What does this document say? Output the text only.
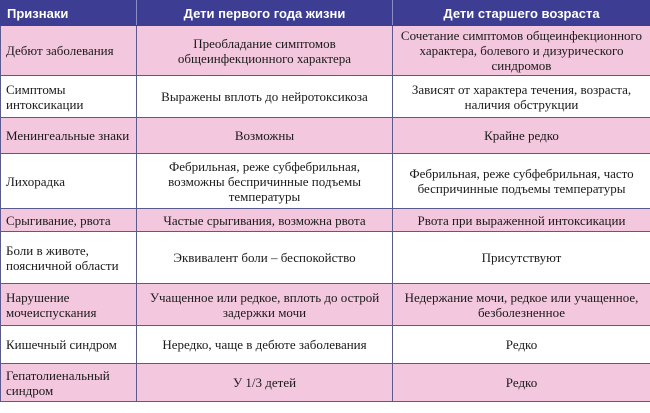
Признаки	Дети первого года жизни	Дети старшего возраста
Дебют заболевания	Преобладание симптомов общеинфекционного характера	Сочетание симптомов общеинфекционного характера, болевого и дизурического синдромов
Симптомы интоксикации	Выражены вплоть до нейротоксикоза	Зависят от характера течения, возраста, наличия обструкции
Менингеальные знаки	Возможны	Крайне редко
Лихорадка	Фебрильная, реже субфебрильная, возможны беспричинные подъемы температуры	Фебрильная, реже субфебрильная, часто беспричинные подъемы температуры
Срыгивание, рвота	Частые срыгивания, возможна рвота	Рвота при выраженной интоксикации
Боли в животе, поясничной области	Эквивалент боли – беспокойство	Присутствуют
Нарушение мочеиспускания	Учащенное или редкое, вплоть до острой задержки мочи	Недержание мочи, редкое или учащенное, безболезненное
Кишечный синдром	Нередко, чаще в дебюте заболевания	Редко
Гепатолиенальный синдром	У 1/3 детей	Редко
